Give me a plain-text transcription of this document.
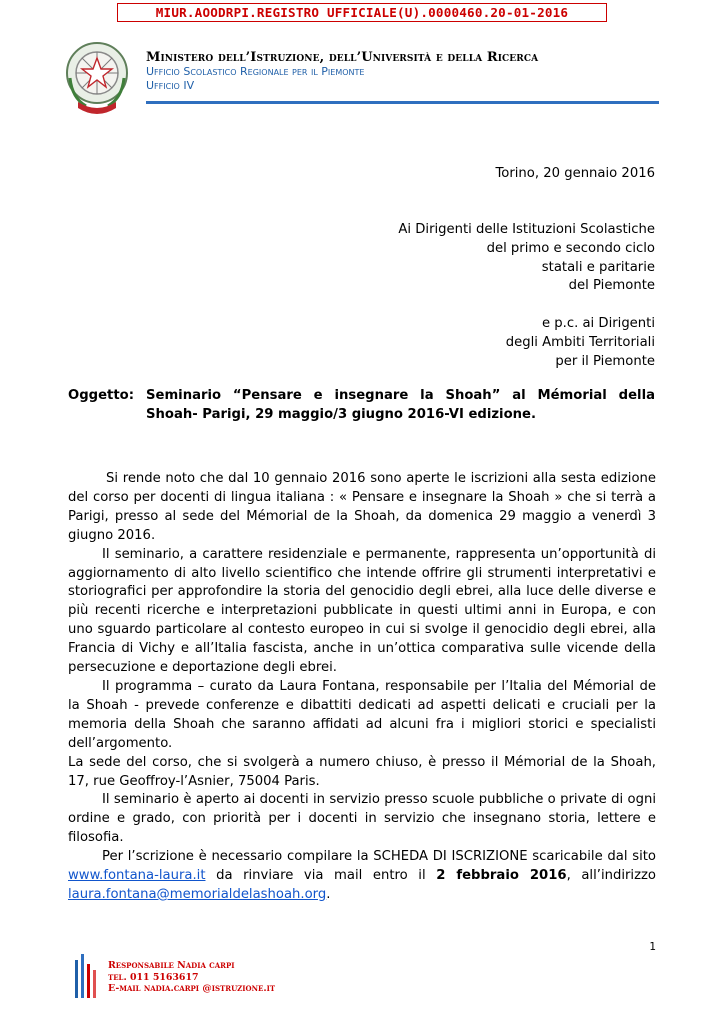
MIUR.AOODRPI.REGISTRO UFFICIALE(U).0000460.20-01-2016
Ministero dell’Istruzione, dell’Università e della Ricerca
Ufficio Scolastico Regionale per il Piemonte
Ufficio IV
Torino, 20 gennaio 2016
Ai Dirigenti delle Istituzioni Scolastiche
del primo e secondo ciclo
statali e paritarie
del Piemonte
e p.c. ai Dirigenti
degli Ambiti Territoriali
per il Piemonte
Oggetto: Seminario “Pensare e insegnare la Shoah” al Mémorial della
Shoah- Parigi, 29 maggio/3 giugno 2016-VI edizione.

Si rende noto che dal 10 gennaio 2016 sono aperte le iscrizioni alla sesta edizione del corso per docenti di lingua italiana : « Pensare e insegnare la Shoah » che si terrà a Parigi, presso al sede del Mémorial de la Shoah, da domenica 29 maggio a venerdì 3 giugno 2016.

Il seminario, a carattere residenziale e permanente, rappresenta un’opportunità di aggiornamento di alto livello scientifico che intende offrire gli strumenti interpretativi e storiografici per approfondire la storia del genocidio degli ebrei, alla luce delle diverse e più recenti ricerche e interpretazioni pubblicate in questi ultimi anni in Europa, e con uno sguardo particolare al contesto europeo in cui si svolge il genocidio degli ebrei, alla Francia di Vichy e all’Italia fascista, anche in un’ottica comparativa sulle vicende della persecuzione e deportazione degli ebrei.

Il programma – curato da Laura Fontana, responsabile per l’Italia del Mémorial de la Shoah - prevede conferenze e dibattiti dedicati ad aspetti delicati e cruciali per la memoria della Shoah che saranno affidati ad alcuni fra i migliori storici e specialisti dell’argomento.

La sede del corso, che si svolgerà a numero chiuso, è presso il Mémorial de la Shoah, 17, rue Geoffroy-l’Asnier, 75004 Paris.

Il seminario è aperto ai docenti in servizio presso scuole pubbliche o private di ogni ordine e grado, con priorità per i docenti in servizio che insegnano storia, lettere e filosofia.

Per l’scrizione è necessario compilare la SCHEDA DI ISCRIZIONE scaricabile dal sito www.fontana-laura.it da rinviare via mail entro il 2 febbraio 2016, all’indirizzo laura.fontana@memorialdelashoah.org.

1
Responsabile Nadia carpi
tel. 011 5163617
E-mail nadia.carpi @istruzione.it
